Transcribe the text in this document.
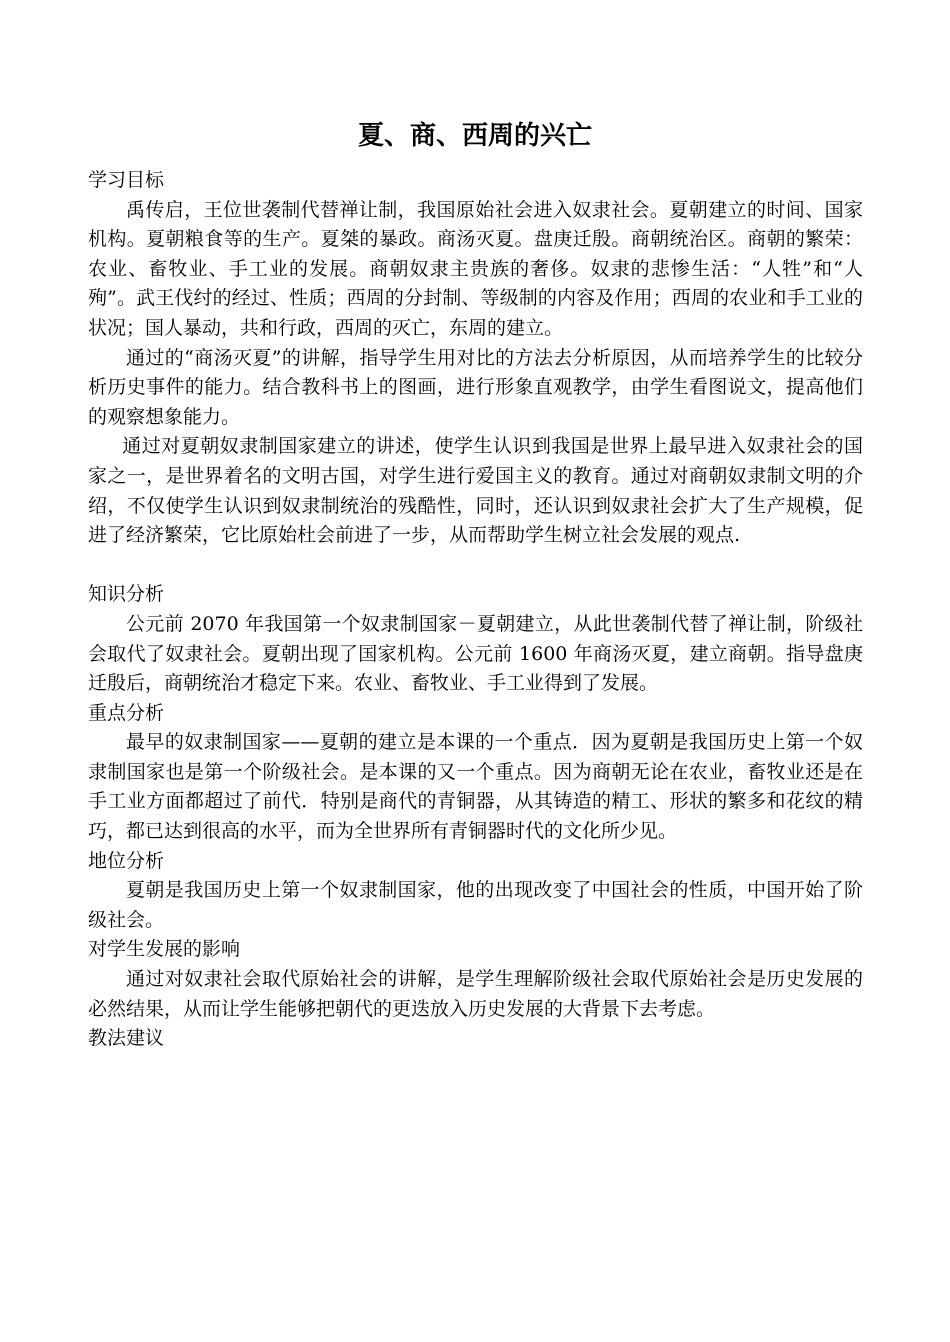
夏、商、西周的兴亡

学习目标

禹传启，王位世袭制代替禅让制，我国原始社会进入奴隶社会。夏朝建立的时间、国家机构。夏朝粮食等的生产。夏桀的暴政。商汤灭夏。盘庚迁殷。商朝统治区。商朝的繁荣：农业、畜牧业、手工业的发展。商朝奴隶主贵族的奢侈。奴隶的悲惨生活：“人牲”和“人殉”。武王伐纣的经过、性质；西周的分封制、等级制的内容及作用；西周的农业和手工业的状况；国人暴动，共和行政，西周的灭亡，东周的建立。

通过的“商汤灭夏”的讲解，指导学生用对比的方法去分析原因，从而培养学生的比较分析历史事件的能力。结合教科书上的图画，进行形象直观教学，由学生看图说文，提高他们的观察想象能力。

通过对夏朝奴隶制国家建立的讲述，使学生认识到我国是世界上最早进入奴隶社会的国家之一，是世界着名的文明古国，对学生进行爱国主义的教育。通过对商朝奴隶制文明的介绍，不仅使学生认识到奴隶制统治的残酷性，同时，还认识到奴隶社会扩大了生产规模，促进了经济繁荣，它比原始杜会前进了一步，从而帮助学生树立社会发展的观点.

知识分析

公元前 2070 年我国第一个奴隶制国家－夏朝建立，从此世袭制代替了禅让制，阶级社会取代了奴隶社会。夏朝出现了国家机构。公元前 1600 年商汤灭夏，建立商朝。指导盘庚迁殷后，商朝统治才稳定下来。农业、畜牧业、手工业得到了发展。

重点分析

最早的奴隶制国家——夏朝的建立是本课的一个重点．因为夏朝是我国历史上第一个奴隶制国家也是第一个阶级社会。是本课的又一个重点。因为商朝无论在农业，畜牧业还是在手工业方面都超过了前代．特别是商代的青铜器，从其铸造的精工、形状的繁多和花纹的精巧，都已达到很高的水平，而为全世界所有青铜器时代的文化所少见。

地位分析

夏朝是我国历史上第一个奴隶制国家，他的出现改变了中国社会的性质，中国开始了阶级社会。

对学生发展的影响

通过对奴隶社会取代原始社会的讲解，是学生理解阶级社会取代原始社会是历史发展的必然结果，从而让学生能够把朝代的更迭放入历史发展的大背景下去考虑。

教法建议
